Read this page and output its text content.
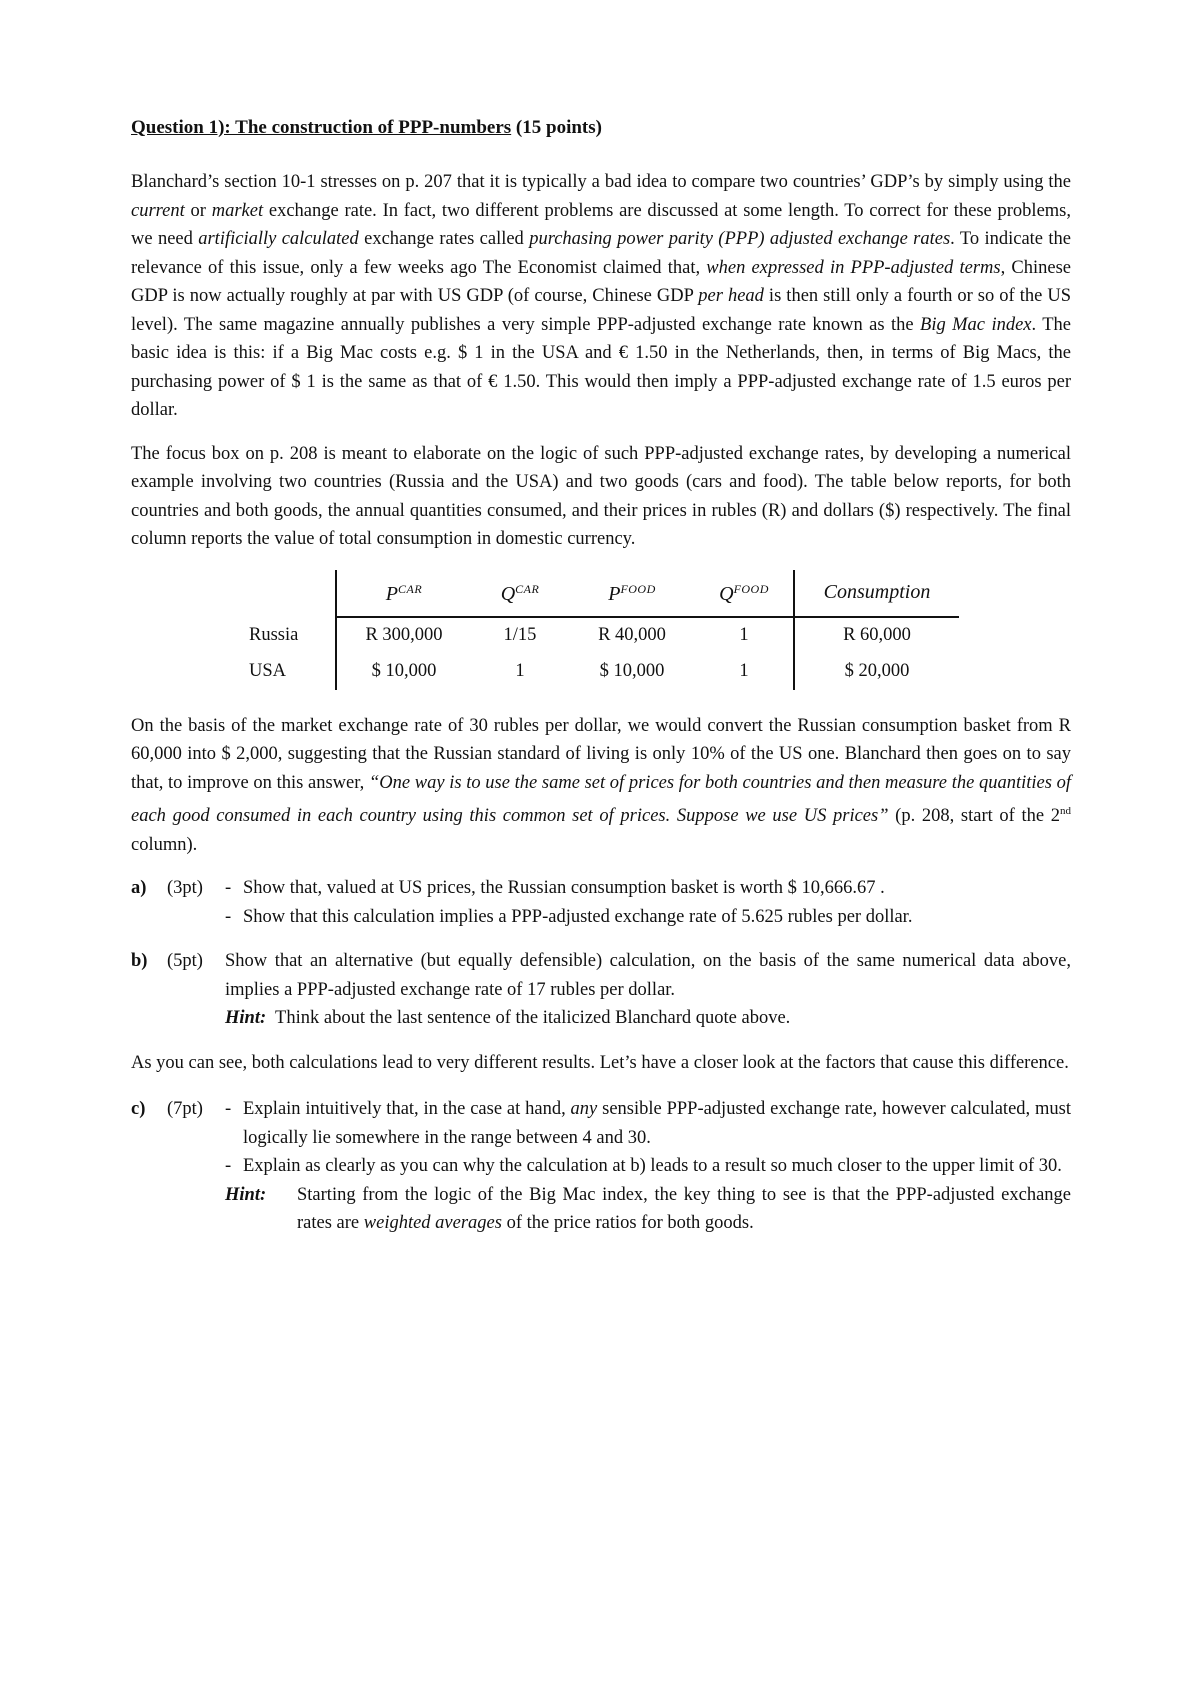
Question 1): The construction of PPP-numbers (15 points)

Blanchard’s section 10-1 stresses on p. 207 that it is typically a bad idea to compare two countries’ GDP’s by simply using the current or market exchange rate. In fact, two different problems are discussed at some length. To correct for these problems, we need artificially calculated exchange rates called purchasing power parity (PPP) adjusted exchange rates. To indicate the relevance of this issue, only a few weeks ago The Economist claimed that, when expressed in PPP-adjusted terms, Chinese GDP is now actually roughly at par with US GDP (of course, Chinese GDP per head is then still only a fourth or so of the US level). The same magazine annually publishes a very simple PPP-adjusted exchange rate known as the Big Mac index. The basic idea is this: if a Big Mac costs e.g. $ 1 in the USA and € 1.50 in the Netherlands, then, in terms of Big Macs, the purchasing power of $ 1 is the same as that of € 1.50. This would then imply a PPP-adjusted exchange rate of 1.5 euros per dollar.

The focus box on p. 208 is meant to elaborate on the logic of such PPP-adjusted exchange rates, by developing a numerical example involving two countries (Russia and the USA) and two goods (cars and food). The table below reports, for both countries and both goods, the annual quantities consumed, and their prices in rubles (R) and dollars ($) respectively. The final column reports the value of total consumption in domestic currency.

	$P^{CAR}$	$Q^{CAR}$	$P^{FOOD}$	$Q^{FOOD}$	Consumption
Russia	R 300,000	1/15	R 40,000	1	R 60,000
USA	$ 10,000	1	$ 10,000	1	$ 20,000

On the basis of the market exchange rate of 30 rubles per dollar, we would convert the Russian consumption basket from R 60,000 into $ 2,000, suggesting that the Russian standard of living is only 10% of the US one. Blanchard then goes on to say that, to improve on this answer, “One way is to use the same set of prices for both countries and then measure the quantities of each good consumed in each country using this common set of prices. Suppose we use US prices” (p. 208, start of the 2nd column).

a)	(3pt)	- Show that, valued at US prices, the Russian consumption basket is worth $ 10,666.67 .
- Show that this calculation implies a PPP-adjusted exchange rate of 5.625 rubles per dollar.
b)	(5pt)	Show that an alternative (but equally defensible) calculation, on the basis of the same numerical data above, implies a PPP-adjusted exchange rate of 17 rubles per dollar.
Hint: Think about the last sentence of the italicized Blanchard quote above.

As you can see, both calculations lead to very different results. Let’s have a closer look at the factors that cause this difference.

c)	(7pt)	- Explain intuitively that, in the case at hand, any sensible PPP-adjusted exchange rate, however calculated, must logically lie somewhere in the range between 4 and 30.
- Explain as clearly as you can why the calculation at b) leads to a result so much closer to the upper limit of 30.
Hint:	Starting from the logic of the Big Mac index, the key thing to see is that the PPP-adjusted exchange rates are weighted averages of the price ratios for both goods.
